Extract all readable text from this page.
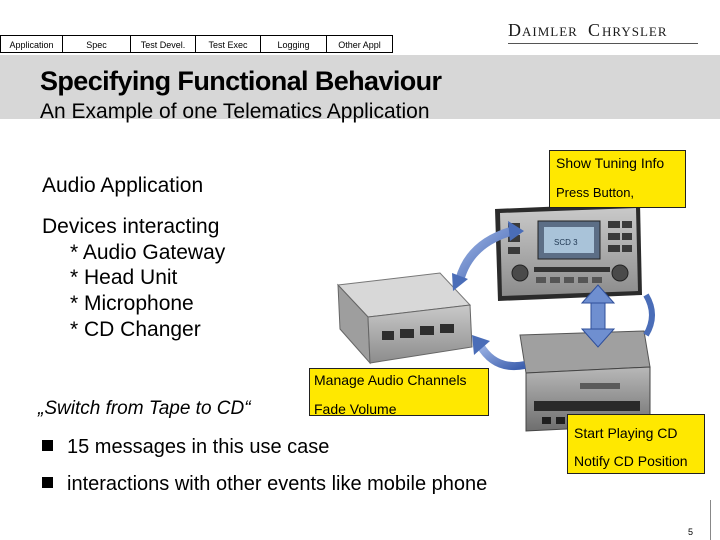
Application	Spec	Test Devel.	Test Exec	Logging	Other Appl
D AIMLER C HRYSLER
Specifying Functional Behaviour
An Example of one Telematics Application
Audio Application
Devices interacting
* Audio Gateway
* Head Unit
* Microphone
* CD Changer
„Switch from Tape to CD“
15 messages in this use case
interactions with other events like mobile phone
SCD 3
Show Tuning Info
Press Button,
Manage Audio Channels
Fade Volume
Start Playing CD
Notify CD Position
5
